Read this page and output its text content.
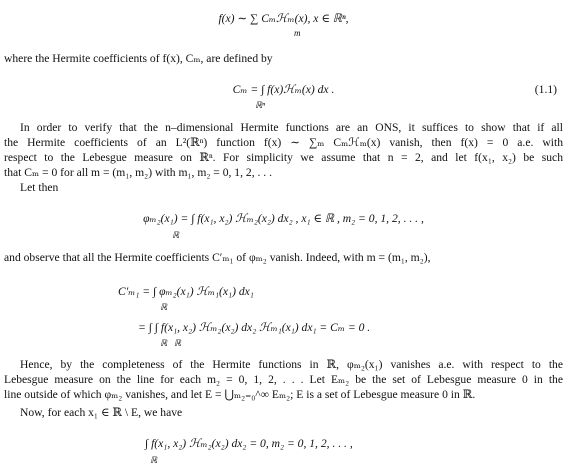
f(x) ∼ ∑ Cₘℋₘ(x), x ∈ ℝⁿ,
m
where the Hermite coefficients of f(x), Cₘ, are defined by
Cₘ = ∫ f(x)ℋₘ(x) dx .
ℝⁿ
(1.1)
In order to verify that the n–dimensional Hermite functions are an ONS, it suffices to show that if all
the Hermite coefficients of an L²(ℝⁿ) function f(x) ∼ ∑ₘ Cₘℋₘ(x) vanish, then f(x) = 0 a.e. with
respect to the Lebesgue measure on ℝⁿ. For simplicity we assume that n = 2, and let f(x₁, x₂) be such
that Cₘ = 0 for all m = (m₁, m₂) with m₁, m₂ = 0, 1, 2, . . .
Let then
φₘ₂(x₁) = ∫ f(x₁, x₂) ℋₘ₂(x₂) dx₂ , x₁ ∈ ℝ , m₂ = 0, 1, 2, . . . ,
ℝ
and observe that all the Hermite coefficients C′ₘ₁ of φₘ₂ vanish. Indeed, with m = (m₁, m₂),
C′ₘ₁ = ∫ φₘ₂(x₁) ℋₘ₁(x₁) dx₁
ℝ
= ∫ ∫ f(x₁, x₂) ℋₘ₂(x₂) dx₂ ℋₘ₁(x₁) dx₁ = Cₘ = 0 .
ℝ   ℝ
Hence, by the completeness of the Hermite functions in ℝ, φₘ₂(x₁) vanishes a.e. with respect to the
Lebesgue measure on the line for each m₂ = 0, 1, 2, . . . Let Eₘ₂ be the set of Lebesgue measure 0 in the
line outside of which φₘ₂ vanishes, and let E = ⋃ₘ₂₌₀^∞ Eₘ₂; E is a set of Lebesgue measure 0 in ℝ.
Now, for each x₁ ∈ ℝ \ E, we have
∫ f(x₁, x₂) ℋₘ₂(x₂) dx₂ = 0, m₂ = 0, 1, 2, . . . ,
ℝ
